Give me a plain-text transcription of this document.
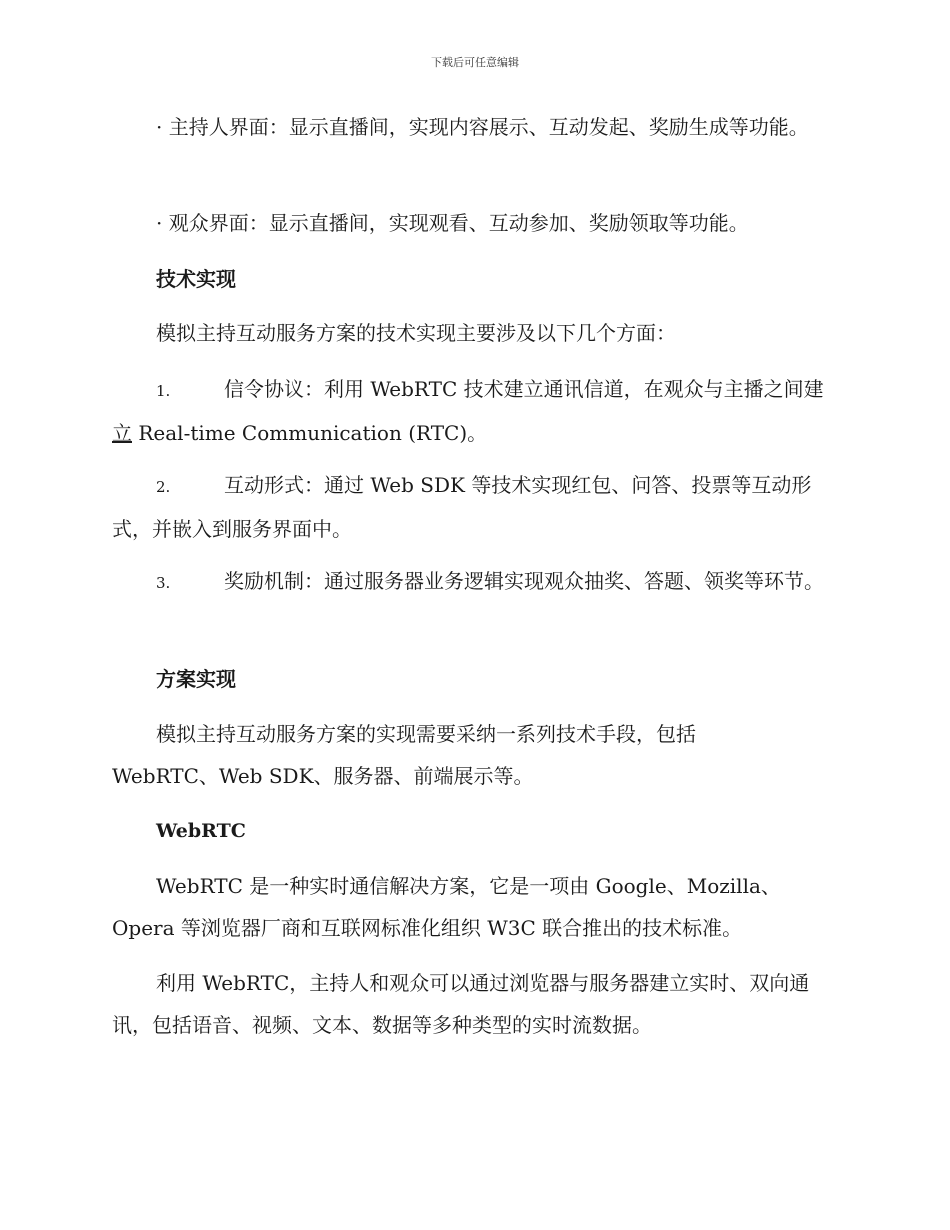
下载后可任意编辑

· 主持人界面：显示直播间，实现内容展示、互动发起、奖励生成等功能。

· 观众界面：显示直播间，实现观看、互动参加、奖励领取等功能。

技术实现

模拟主持互动服务方案的技术实现主要涉及以下几个方面：

1.	信令协议：利用 WebRTC 技术建立通讯信道，在观众与主播之间建立 Real-time Communication (RTC)。

2.	互动形式：通过 Web SDK 等技术实现红包、问答、投票等互动形式，并嵌入到服务界面中。

3.	奖励机制：通过服务器业务逻辑实现观众抽奖、答题、领奖等环节。

方案实现

模拟主持互动服务方案的实现需要采纳一系列技术手段，包括

WebRTC、Web SDK、服务器、前端展示等。

WebRTC

WebRTC 是一种实时通信解决方案，它是一项由 Google、Mozilla、Opera 等浏览器厂商和互联网标准化组织 W3C 联合推出的技术标准。

利用 WebRTC，主持人和观众可以通过浏览器与服务器建立实时、双向通讯，包括语音、视频、文本、数据等多种类型的实时流数据。
